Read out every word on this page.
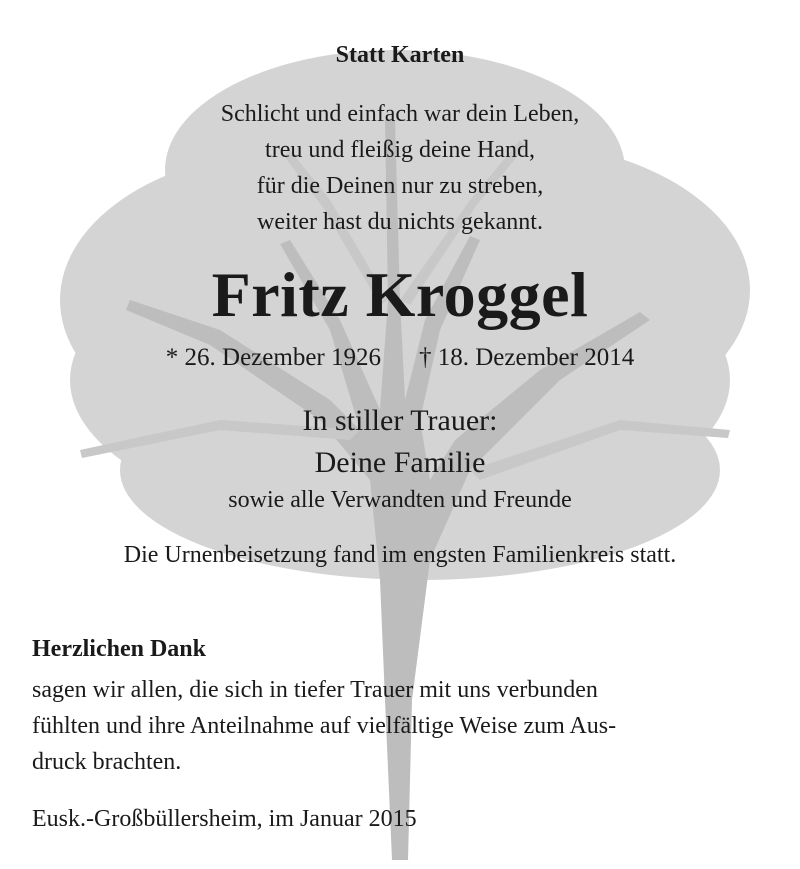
Statt Karten
Schlicht und einfach war dein Leben,
treu und fleißig deine Hand,
für die Deinen nur zu streben,
weiter hast du nichts gekannt.
Fritz Kroggel
* 26. Dezember 1926 † 18. Dezember 2014
In stiller Trauer:
Deine Familie
sowie alle Verwandten und Freunde
Die Urnenbeisetzung fand im engsten Familienkreis statt.
Herzlichen Dank
sagen wir allen, die sich in tiefer Trauer mit uns verbunden
fühlten und ihre Anteilnahme auf vielfältige Weise zum Aus-
druck brachten.
Eusk.-Großbüllersheim, im Januar 2015
